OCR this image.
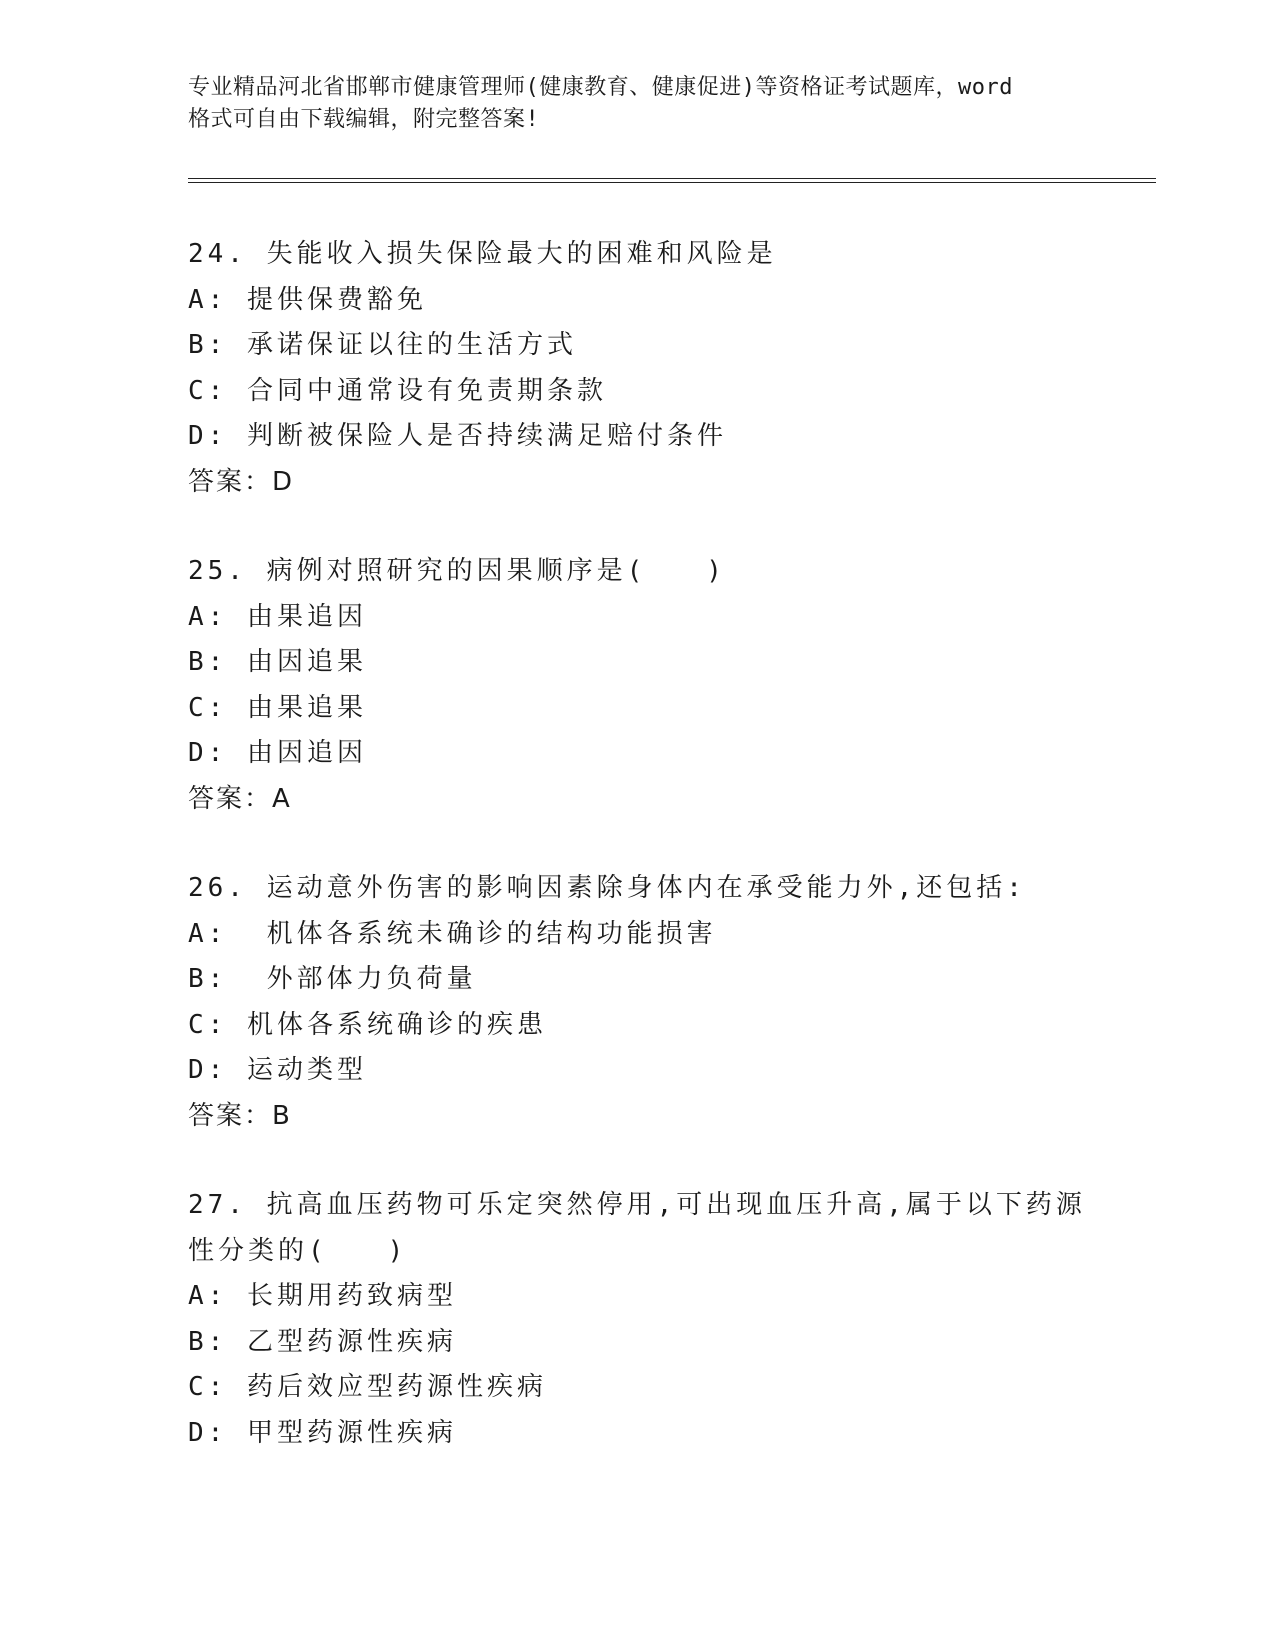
专业精品河北省邯郸市健康管理师(健康教育、健康促进)等资格证考试题库，word
格式可自由下载编辑，附完整答案!
24. 失能收入损失保险最大的困难和风险是
A: 提供保费豁免
B: 承诺保证以往的生活方式
C: 合同中通常设有免责期条款
D: 判断被保险人是否持续满足赔付条件
答案：D
25. 病例对照研究的因果顺序是(　　)
A: 由果追因
B: 由因追果
C: 由果追果
D: 由因追因
答案：A
26. 运动意外伤害的影响因素除身体内在承受能力外,还包括:
A:  机体各系统未确诊的结构功能损害
B:  外部体力负荷量
C: 机体各系统确诊的疾患
D: 运动类型
答案：B
27. 抗高血压药物可乐定突然停用,可出现血压升高,属于以下药源性分类的(　　)
A: 长期用药致病型
B: 乙型药源性疾病
C: 药后效应型药源性疾病
D: 甲型药源性疾病
